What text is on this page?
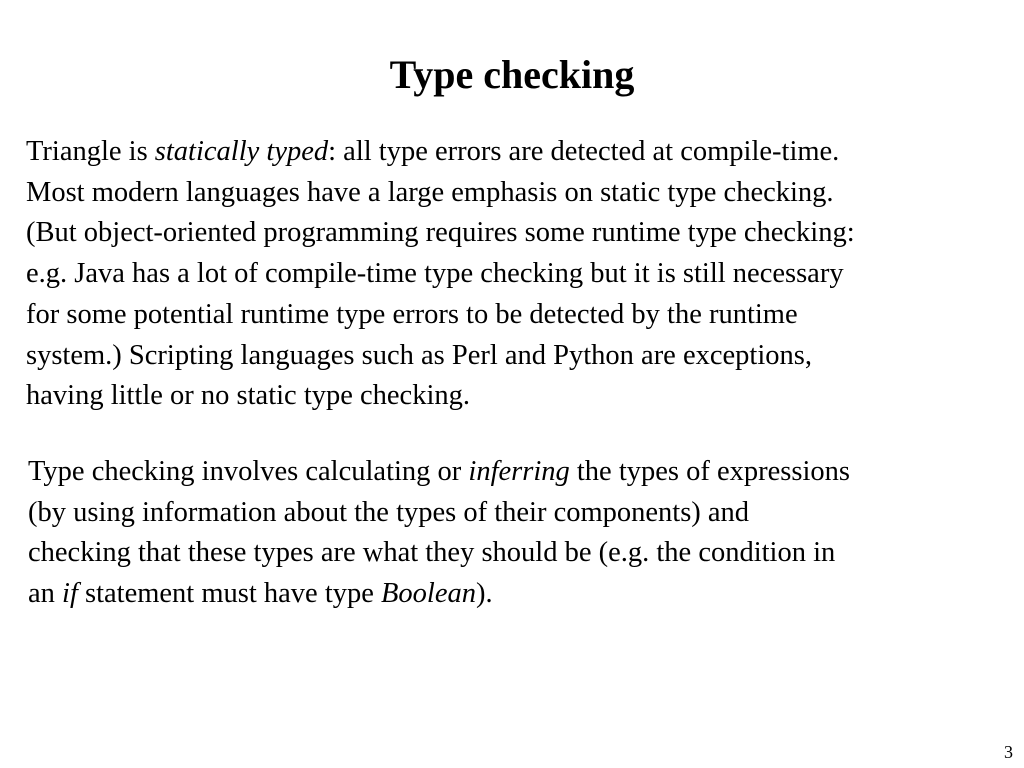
Type checking

Triangle is statically typed: all type errors are detected at compile-time.
Most modern languages have a large emphasis on static type checking.
(But object-oriented programming requires some runtime type checking:
e.g. Java has a lot of compile-time type checking but it is still necessary
for some potential runtime type errors to be detected by the runtime
system.) Scripting languages such as Perl and Python are exceptions,
having little or no static type checking.

Type checking involves calculating or inferring the types of expressions
(by using information about the types of their components) and
checking that these types are what they should be (e.g. the condition in
an if statement must have type Boolean).

3
